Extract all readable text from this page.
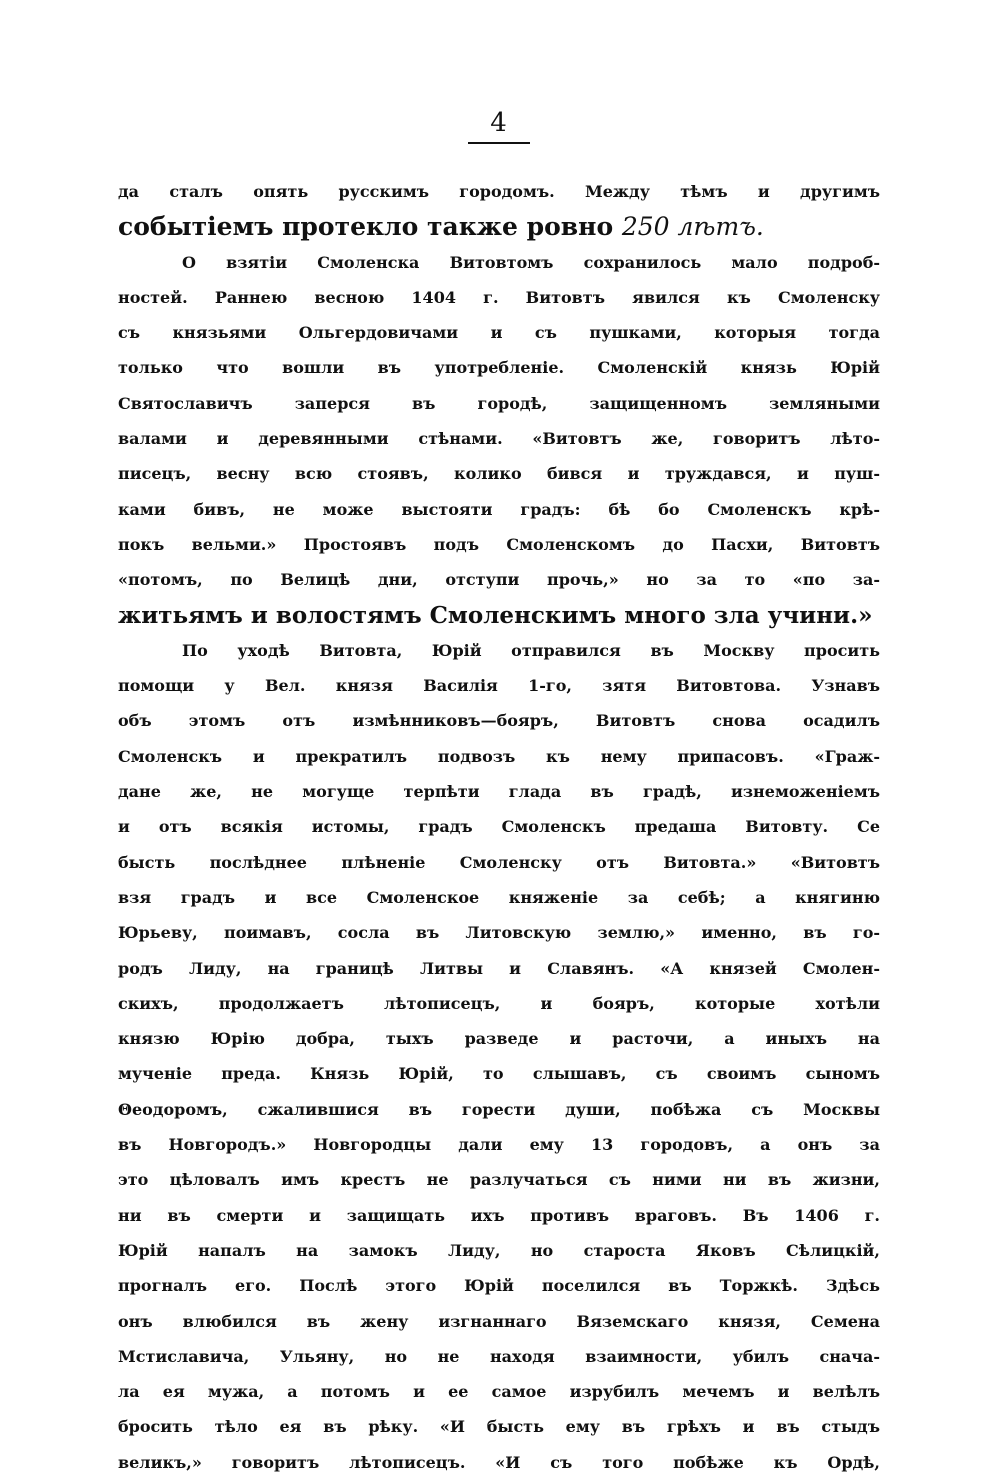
4
да сталъ опять русскимъ городомъ. Между тѣмъ и другимъ
событіемъ протекло также ровно 250 лѣтъ.
О взятіи Смоленска Витовтомъ сохранилось мало подроб-
ностей. Раннею весною 1404 г. Витовтъ явился къ Смоленску
съ князьями Ольгердовичами и съ пушками, которыя тогда
только что вошли въ употребленіе. Смоленскій князь Юрій
Святославичъ заперся въ городѣ, защищенномъ земляными
валами и деревянными стѣнами. «Витовтъ же, говоритъ лѣто-
писецъ, весну всю стоявъ, колико бився и труждався, и пуш-
ками бивъ, не може выстояти градъ: бѣ бо Смоленскъ крѣ-
покъ вельми.» Простоявъ подъ Смоленскомъ до Пасхи, Витовтъ
«потомъ, по Велицѣ дни, отступи прочь,» но за то «по за-
житьямъ и волостямъ Смоленскимъ много зла учини.»
По уходѣ Витовта, Юрій отправился въ Москву просить
помощи у Вел. князя Василія 1-го, зятя Витовтова. Узнавъ
объ этомъ отъ измѣнниковъ—бояръ, Витовтъ снова осадилъ
Смоленскъ и прекратилъ подвозъ къ нему припасовъ. «Граж-
дане же, не могуще терпѣти глада въ градѣ, изнеможеніемъ
и отъ всякія истомы, градъ Смоленскъ предаша Витовту. Се
бысть послѣднее плѣненіе Смоленску отъ Витовта.» «Витовтъ
взя градъ и все Смоленское княженіе за себѣ; а княгиню
Юрьеву, поимавъ, сосла въ Литовскую землю,» именно, въ го-
родъ Лиду, на границѣ Литвы и Славянъ. «А князей Смолен-
скихъ, продолжаетъ лѣтописецъ, и бояръ, которые хотѣли
князю Юрію добра, тыхъ разведе и расточи, а иныхъ на
мученіе преда. Князь Юрій, то слышавъ, съ своимъ сыномъ
Θеодоромъ, сжалившися въ горести души, побѣжа съ Москвы
въ Новгородъ.» Новгородцы дали ему 13 городовъ, а онъ за
это цѣловалъ имъ крестъ не разлучаться съ ними ни въ жизни,
ни въ смерти и защищать ихъ противъ враговъ. Въ 1406 г.
Юрій напалъ на замокъ Лиду, но староста Яковъ Сѣлицкій,
прогналъ его. Послѣ этого Юрій поселился въ Торжкѣ. Здѣсь
онъ влюбился въ жену изгнаннаго Вяземскаго князя, Семена
Мстиславича, Ульяну, но не находя взаимности, убилъ снача-
ла ея мужа, а потомъ и ее самое изрубилъ мечемъ и велѣлъ
бросить тѣло ея въ рѣку. «И бысть ему въ грѣхъ и въ стыдъ
великъ,» говоритъ лѣтописецъ. «И съ того побѣже къ Ордѣ,
